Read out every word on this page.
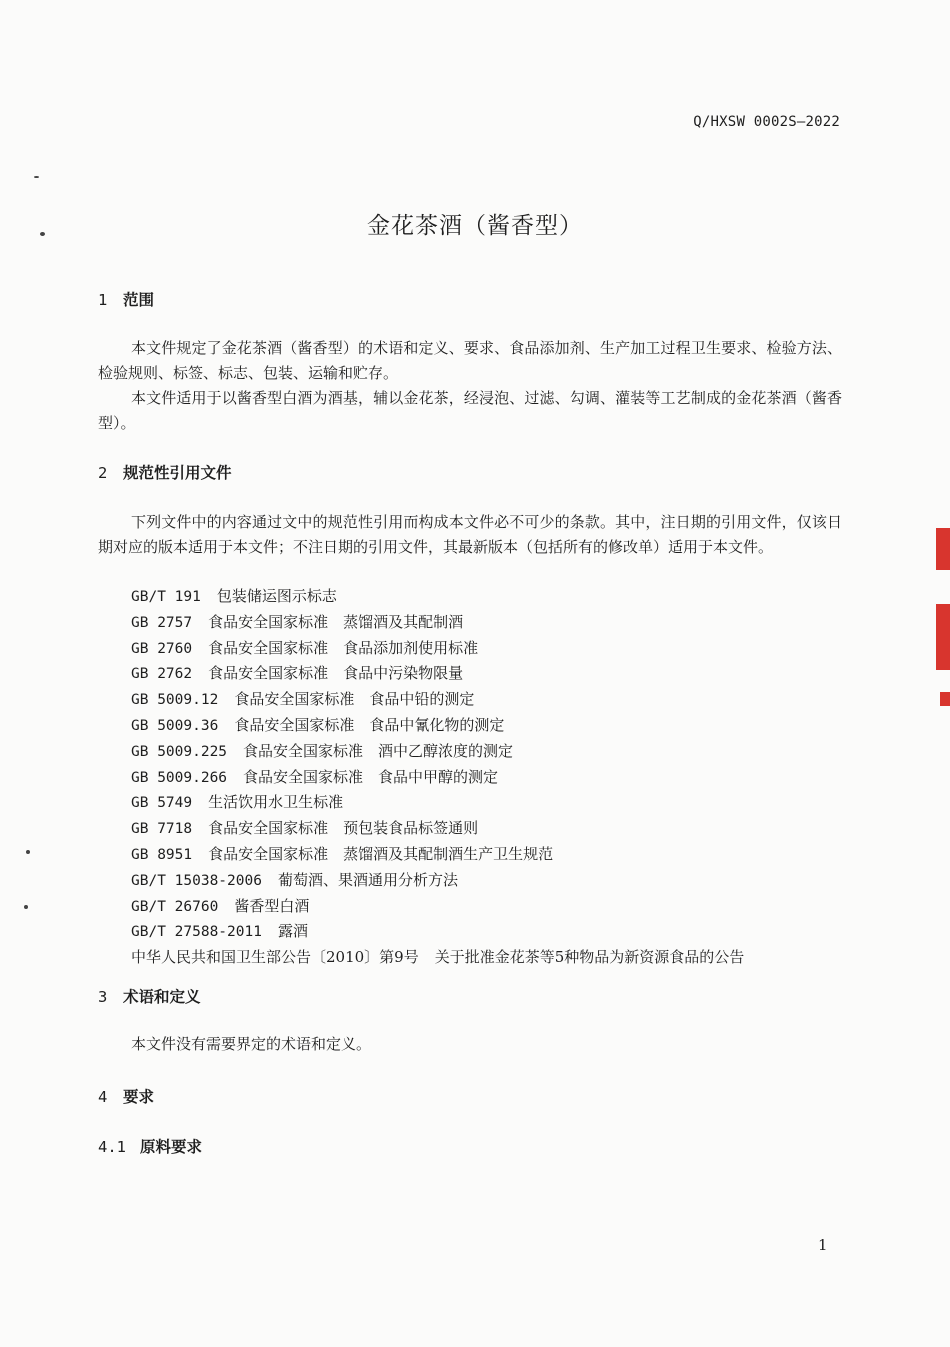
Q/HXSW 0002S—2022
金花茶酒（酱香型）
1 范围

本文件规定了金花茶酒（酱香型）的术语和定义、要求、食品添加剂、生产加工过程卫生要求、检验方法、检验规则、标签、标志、包装、运输和贮存。

本文件适用于以酱香型白酒为酒基，辅以金花茶，经浸泡、过滤、勾调、灌装等工艺制成的金花茶酒（酱香型）。

2 规范性引用文件

下列文件中的内容通过文中的规范性引用而构成本文件必不可少的条款。其中，注日期的引用文件，仅该日期对应的版本适用于本文件；不注日期的引用文件，其最新版本（包括所有的修改单）适用于本文件。

GB/T 191 包装储运图示标志
GB 2757 食品安全国家标准　蒸馏酒及其配制酒
GB 2760 食品安全国家标准　食品添加剂使用标准
GB 2762 食品安全国家标准　食品中污染物限量
GB 5009.12 食品安全国家标准　食品中铅的测定
GB 5009.36 食品安全国家标准　食品中氰化物的测定
GB 5009.225 食品安全国家标准　酒中乙醇浓度的测定
GB 5009.266 食品安全国家标准　食品中甲醇的测定
GB 5749 生活饮用水卫生标准
GB 7718 食品安全国家标准　预包装食品标签通则
GB 8951 食品安全国家标准　蒸馏酒及其配制酒生产卫生规范
GB/T 15038-2006 葡萄酒、果酒通用分析方法
GB/T 26760 酱香型白酒
GB/T 27588-2011 露酒
中华人民共和国卫生部公告〔2010〕第9号 关于批准金花茶等5种物品为新资源食品的公告
3 术语和定义

本文件没有需要界定的术语和定义。

4 要求
4.1 原料要求
1
